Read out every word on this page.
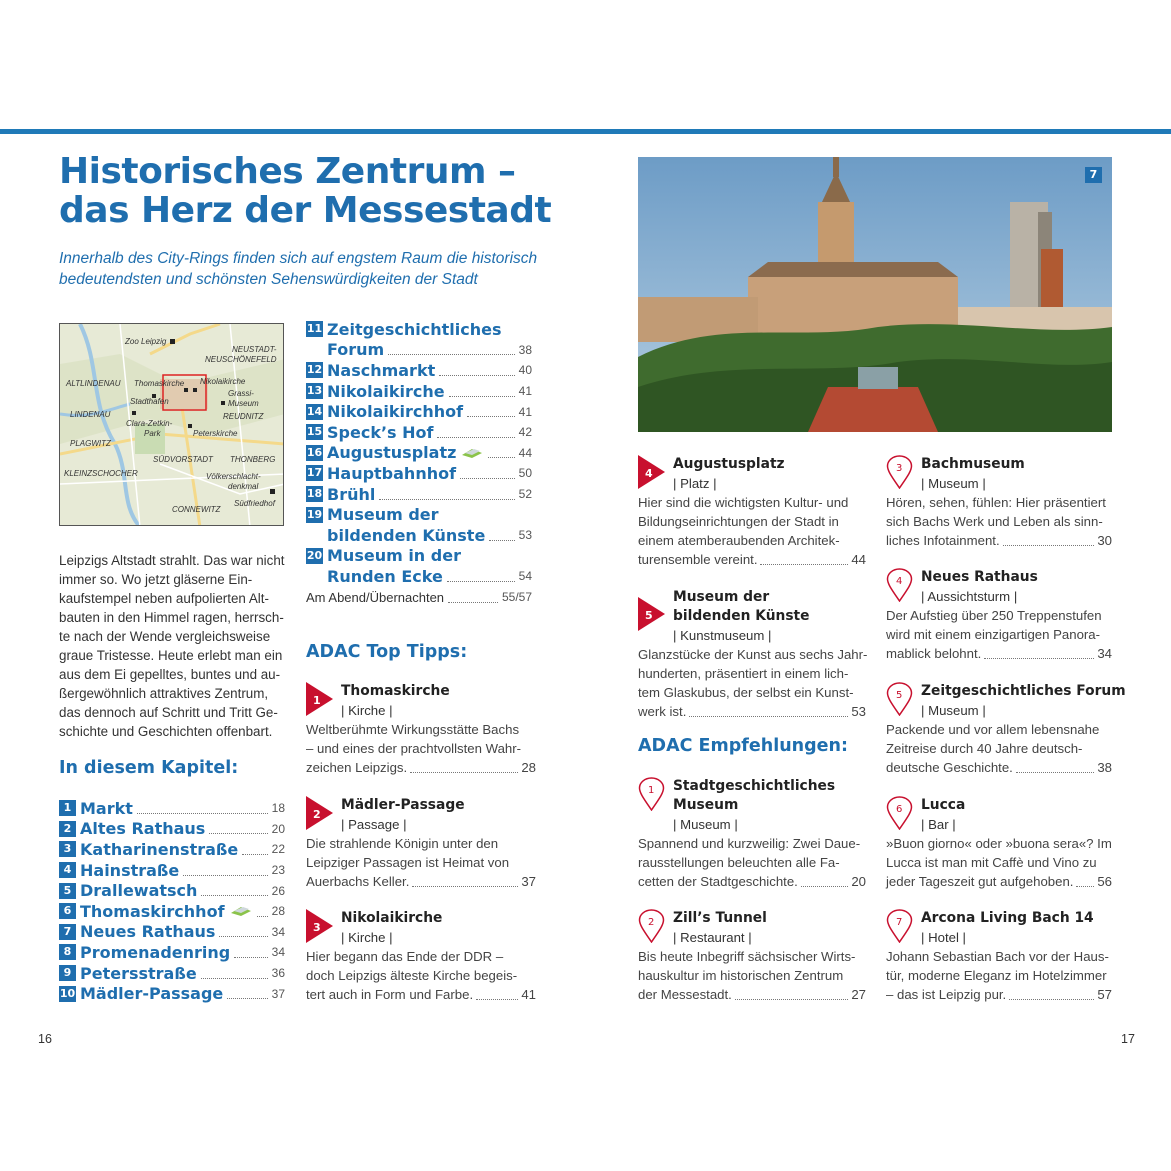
Historisches Zentrum –
das Herz der Messestadt
Innerhalb des City-Rings finden sich auf engstem Raum die historisch
bedeutendsten und schönsten Sehenswürdigkeiten der Stadt
Zoo Leipzig
NEUSTADT-
NEUSCHÖNEFELD
ALTLINDENAU Thomaskirche Nikolaikirche
Grassi-
Museum
Stadthafen
REUDNITZ
LINDENAU
Clara-Zetkin-
Park	Peterskirche
PLAGWITZ
SÜDVORSTADT THONBERG
KLEINZSCHOCHER	Völkerschlacht-
denkmal
CONNEWITZ
Südfriedhof
Leipzigs Altstadt strahlt. Das war nicht
immer so. Wo jetzt gläserne Ein-
kaufstempel neben aufpolierten Alt-
bauten in den Himmel ragen, herrsch-
te nach der Wende vergleichsweise
graue Tristesse. Heute erlebt man ein
aus dem Ei gepelltes, buntes und au-
ßergewöhnlich attraktives Zentrum,
das dennoch auf Schritt und Tritt Ge-
schichte und Geschichten offenbart.
In diesem Kapitel:
1 Markt	18
2 Altes Rathaus	20
3 Katharinenstraße	22
4 Hainstraße	23
5 Drallewatsch	26
6 Thomaskirchhof	28
7 Neues Rathaus	34
8 Promenadenring	34
9 Petersstraße	36
10 Mädler-Passage	37
11 Zeitgeschichtliches
Forum	38
12 Naschmarkt	40
13 Nikolaikirche	41
14 Nikolaikirchhof	41
15 Speck’s Hof	42
16 Augustusplatz	44
17 Hauptbahnhof	50
18 Brühl	52
19 Museum der
bildenden Künste	53
20 Museum in der
Runden Ecke	54
Am Abend/Übernachten	55/57
ADAC Top Tipps:
1
Thomaskirche
| Kirche |
Weltberühmte Wirkungsstätte Bachs
– und eines der prachtvollsten Wahr-
zeichen Leipzigs.	28
2
Mädler-Passage
| Passage |
Die strahlende Königin unter den
Leipziger Passagen ist Heimat von
Auerbachs Keller.	37
3
Nikolaikirche
| Kirche |
Hier begann das Ende der DDR –
doch Leipzigs älteste Kirche begeis-
tert auch in Form und Farbe.	41
16
7
4
Augustusplatz
| Platz |
Hier sind die wichtigsten Kultur- und
Bildungseinrichtungen der Stadt in
einem atemberaubenden Architek-
turensemble vereint.	44
5
Museum der
bildenden Künste
| Kunstmuseum |
Glanzstücke der Kunst aus sechs Jahr-
hunderten, präsentiert in einem lich-
tem Glaskubus, der selbst ein Kunst-
werk ist.	53
ADAC Empfehlungen:
1 Stadtgeschichtliches
Museum
| Museum |
Spannend und kurzweilig: Zwei Daue-
rausstellungen beleuchten alle Fa-
cetten der Stadtgeschichte.	20
2 Zill’s Tunnel
| Restaurant |
Bis heute Inbegriff sächsischer Wirts-
hauskultur im historischen Zentrum
der Messestadt.	27
3 Bachmuseum
| Museum |
Hören, sehen, fühlen: Hier präsentiert
sich Bachs Werk und Leben als sinn-
liches Infotainment.	30
4 Neues Rathaus
| Aussichtsturm |
Der Aufstieg über 250 Treppenstufen
wird mit einem einzigartigen Panora-
mablick belohnt.	34
5 Zeitgeschichtliches Forum
| Museum |
Packende und vor allem lebensnahe
Zeitreise durch 40 Jahre deutsch-
deutsche Geschichte.	38
6 Lucca
| Bar |
»Buon giorno« oder »buona sera«? Im
Lucca ist man mit Caffè und Vino zu
jeder Tageszeit gut aufgehoben. 56
7 Arcona Living Bach 14
| Hotel |
Johann Sebastian Bach vor der Haus-
tür, moderne Eleganz im Hotelzimmer
– das ist Leipzig pur.	57
17
